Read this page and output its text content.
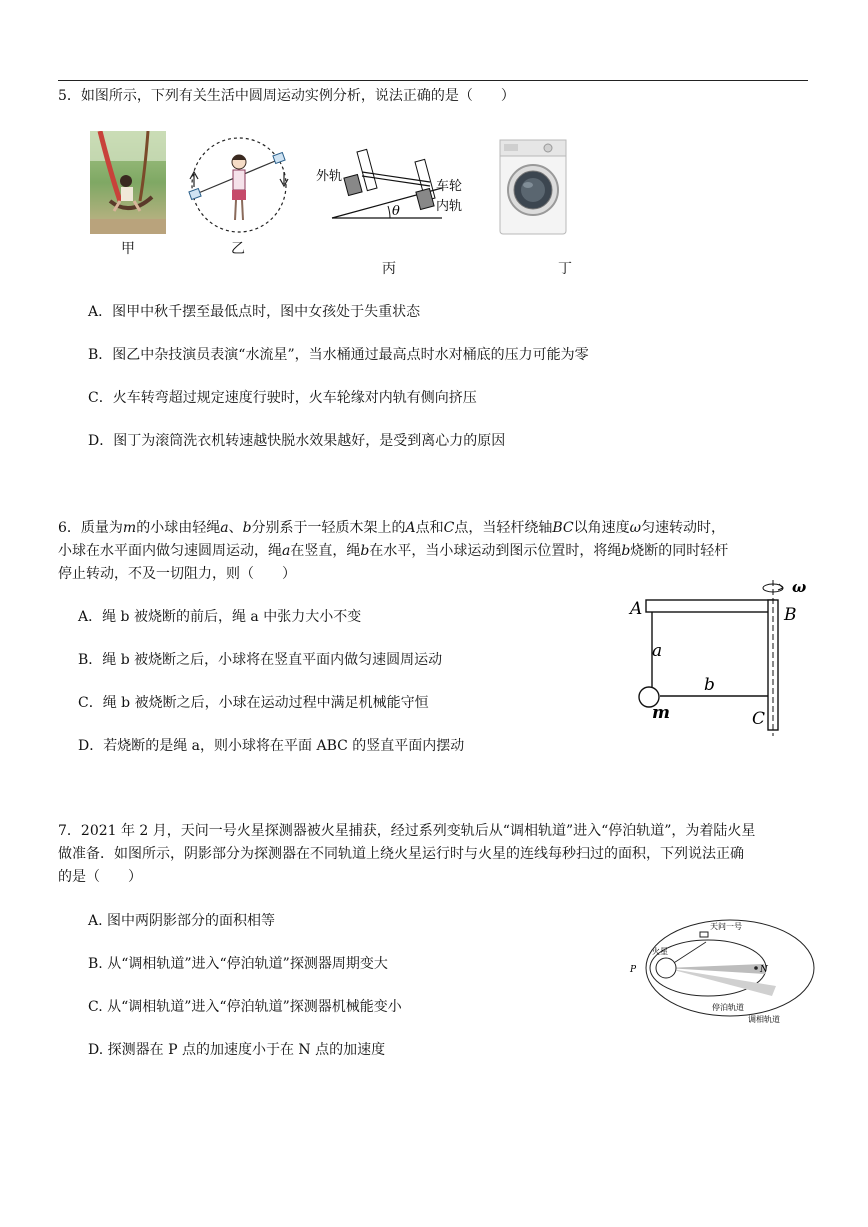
5．如图所示，下列有关生活中圆周运动实例分析，说法正确的是（　　）
甲	乙
θ
外轨
车轮
内轨
丙	丁
A．图甲中秋千摆至最低点时，图中女孩处于失重状态
B．图乙中杂技演员表演“水流星”，当水桶通过最高点时水对桶底的压力可能为零
C．火车转弯超过规定速度行驶时，火车轮缘对内轨有侧向挤压
D．图丁为滚筒洗衣机转速越快脱水效果越好，是受到离心力的原因
6．质量为m的小球由轻绳a、b分别系于一轻质木架上的A点和C点，当轻杆绕轴BC以角速度ω匀速转动时，
小球在水平面内做匀速圆周运动，绳a在竖直，绳b在水平，当小球运动到图示位置时，将绳b烧断的同时轻杆
停止转动，不及一切阻力，则（　　）
A．绳 b 被烧断的前后，绳 a 中张力大小不变
B．绳 b 被烧断之后，小球将在竖直平面内做匀速圆周运动
C．绳 b 被烧断之后，小球在运动过程中满足机械能守恒
D．若烧断的是绳 a，则小球将在平面 ABC 的竖直平面内摆动
A	B
C
a
b
m
ω
7．2021 年 2 月，天问一号火星探测器被火星捕获，经过系列变轨后从“调相轨道”进入“停泊轨道”，为着陆火星
做准备．如图所示，阴影部分为探测器在不同轨道上绕火星运行时与火星的连线每秒扫过的面积，下列说法正确
的是（　　）
A. 图中两阴影部分的面积相等
B. 从“调相轨道”进入“停泊轨道”探测器周期变大
C. 从“调相轨道”进入“停泊轨道”探测器机械能变小
D. 探测器在 P 点的加速度小于在 N 点的加速度
火星
天问一号
P	N
停泊轨道
调相轨道
